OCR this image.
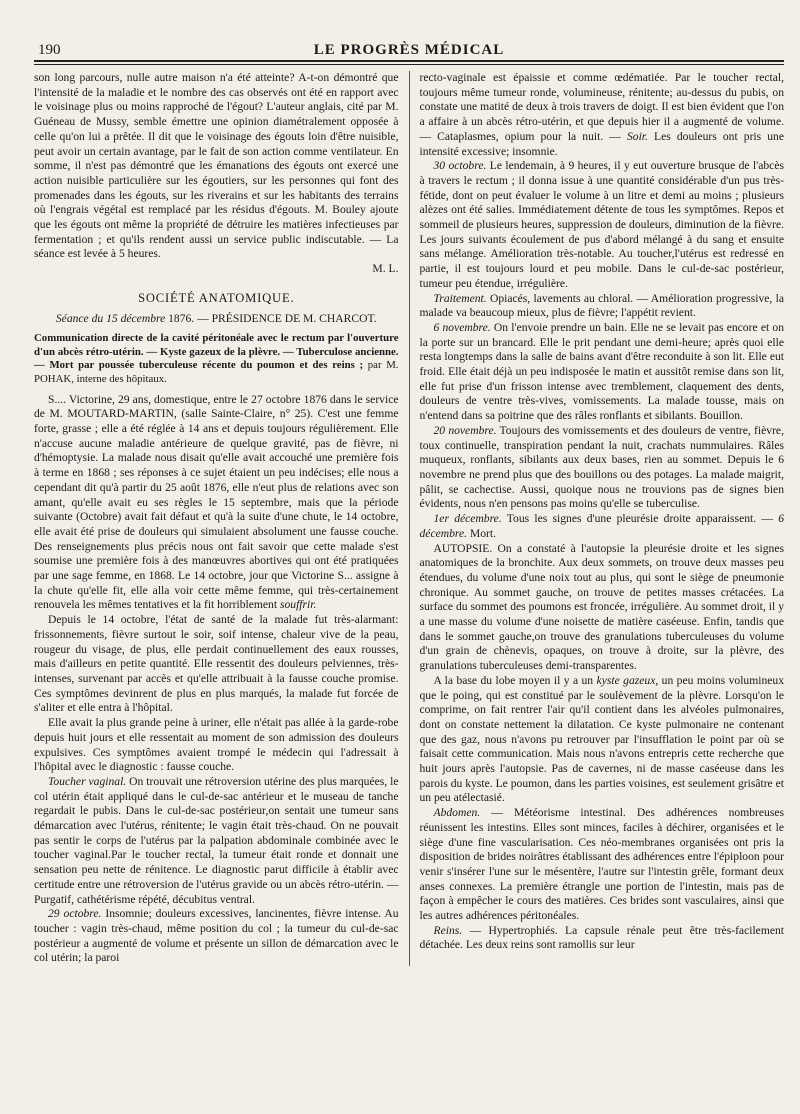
190	LE PROGRÈS MÉDICAL

son long parcours, nulle autre maison n'a été atteinte? A-t-on démontré que l'intensité de la maladie et le nombre des cas observés ont été en rapport avec le voisinage plus ou moins rapproché de l'égout? L'auteur anglais, cité par M. Guéneau de Mussy, semble émettre une opinion diamétralement opposée à celle qu'on lui a prêtée. Il dit que le voisinage des égouts loin d'être nuisible, peut avoir un certain avantage, par le fait de son action comme ventilateur. En somme, il n'est pas démontré que les émanations des égouts ont exercé une action nuisible particulière sur les égoutiers, sur les personnes qui font des promenades dans les égouts, sur les riverains et sur les habitants des terrains où l'engrais végétal est remplacé par les résidus d'égouts. M. Bouley ajoute que les égouts ont même la propriété de détruire les matières infectieuses par fermentation ; et qu'ils rendent aussi un service public indiscutable. — La séance est levée à 5 heures.

M. L.
SOCIÉTÉ ANATOMIQUE.
Séance du 15 décembre 1876. — PRÉSIDENCE DE M. CHARCOT.
Communication directe de la cavité péritonéale avec le rectum par l'ouverture d'un abcès rétro-utérin. — Kyste gazeux de la plèvre. — Tuberculose ancienne. — Mort par poussée tuberculeuse récente du poumon et des reins ; par M. POHAK, interne des hôpitaux.

S.... Victorine, 29 ans, domestique, entre le 27 octobre 1876 dans le service de M. MOUTARD-MARTIN, (salle Sainte-Claire, n° 25). C'est une femme forte, grasse ; elle a été réglée à 14 ans et depuis toujours régulièrement. Elle n'accuse aucune maladie antérieure de quelque gravité, pas de fièvre, ni d'hémoptysie. La malade nous disait qu'elle avait accouché une première fois à terme en 1868 ; ses réponses à ce sujet étaient un peu indécises; elle nous a cependant dit qu'à partir du 25 août 1876, elle n'eut plus de relations avec son amant, qu'elle avait eu ses règles le 15 septembre, mais que la période suivante (Octobre) avait fait défaut et qu'à la suite d'une chute, le 14 octobre, elle avait été prise de douleurs qui simulaient absolument une fausse couche. Des renseignements plus précis nous ont fait savoir que cette malade s'est soumise une première fois à des manœuvres abortives qui ont été pratiquées par une sage femme, en 1868. Le 14 octobre, jour que Victorine S... assigne à la chute qu'elle fit, elle alla voir cette même femme, qui très-certainement renouvela les mêmes tentatives et la fit horriblement souffrir.

Depuis le 14 octobre, l'état de santé de la malade fut très-alarmant: frissonnements, fièvre surtout le soir, soif intense, chaleur vive de la peau, rougeur du visage, de plus, elle perdait continuellement des eaux rousses, mais d'ailleurs en petite quantité. Elle ressentit des douleurs pelviennes, très-intenses, survenant par accès et qu'elle attribuait à la fausse couche promise. Ces symptômes devinrent de plus en plus marqués, la malade fut forcée de s'aliter et elle entra à l'hôpital.

Elle avait la plus grande peine à uriner, elle n'était pas allée à la garde-robe depuis huit jours et elle ressentait au moment de son admission des douleurs expulsives. Ces symptômes avaient trompé le médecin qui l'adressait à l'hôpital avec le diagnostic : fausse couche.

Toucher vaginal. On trouvait une rétroversion utérine des plus marquées, le col utérin était appliqué dans le cul-de-sac antérieur et le museau de tanche regardait le pubis. Dans le cul-de-sac postérieur,on sentait une tumeur sans démarcation avec l'utérus, rénitente; le vagin était très-chaud. On ne pouvait pas sentir le corps de l'utérus par la palpation abdominale combinée avec le toucher vaginal.Par le toucher rectal, la tumeur était ronde et donnait une sensation peu nette de rénitence. Le diagnostic parut difficile à établir avec certitude entre une rétroversion de l'utérus gravide ou un abcès rétro-utérin. — Purgatif, cathétérisme répété, décubitus ventral.

29 octobre. Insomnie; douleurs excessives, lancinentes, fièvre intense. Au toucher : vagin très-chaud, même position du col ; la tumeur du cul-de-sac postérieur a augmenté de volume et présente un sillon de démarcation avec le col utérin; la paroi

recto-vaginale est épaissie et comme œdématiée. Par le toucher rectal, toujours même tumeur ronde, volumineuse, rénitente; au-dessus du pubis, on constate une matité de deux à trois travers de doigt. Il est bien évident que l'on a affaire à un abcès rétro-utérin, et que depuis hier il a augmenté de volume. — Cataplasmes, opium pour la nuit. — Soir. Les douleurs ont pris une intensité excessive; insomnie.

30 octobre. Le lendemain, à 9 heures, il y eut ouverture brusque de l'abcès à travers le rectum ; il donna issue à une quantité considérable d'un pus très-fétide, dont on peut évaluer le volume à un litre et demi au moins ; plusieurs alèzes ont été salies. Immédiatement détente de tous les symptômes. Repos et sommeil de plusieurs heures, suppression de douleurs, diminution de la fièvre. Les jours suivants écoulement de pus d'abord mélangé à du sang et ensuite sans mélange. Amélioration très-notable. Au toucher,l'utérus est redressé en partie, il est toujours lourd et peu mobile. Dans le cul-de-sac postérieur, tumeur peu étendue, irrégulière.

Traitement. Opiacés, lavements au chloral. — Amélioration progressive, la malade va beaucoup mieux, plus de fièvre; l'appétit revient.

6 novembre. On l'envoie prendre un bain. Elle ne se levait pas encore et on la porte sur un brancard. Elle le prit pendant une demi-heure; après quoi elle resta longtemps dans la salle de bains avant d'être reconduite à son lit. Elle eut froid. Elle était déjà un peu indisposée le matin et aussitôt remise dans son lit, elle fut prise d'un frisson intense avec tremblement, claquement des dents, douleurs de ventre très-vives, vomissements. La malade tousse, mais on n'entend dans sa poitrine que des râles ronflants et sibilants. Bouillon.

20 novembre. Toujours des vomissements et des douleurs de ventre, fièvre, toux continuelle, transpiration pendant la nuit, crachats nummulaires. Râles muqueux, ronflants, sibilants aux deux bases, rien au sommet. Depuis le 6 novembre ne prend plus que des bouillons ou des potages. La malade maigrit, pâlit, se cachectise. Aussi, quoique nous ne trouvions pas de signes bien évidents, nous n'en pensons pas moins qu'elle se tuberculise.

1er décembre. Tous les signes d'une pleurésie droite apparaissent. — 6 décembre. Mort.

AUTOPSIE. On a constaté à l'autopsie la pleurésie droite et les signes anatomiques de la bronchite. Aux deux sommets, on trouve deux masses peu étendues, du volume d'une noix tout au plus, qui sont le siège de pneumonie chronique. Au sommet gauche, on trouve de petites masses crétacées. La surface du sommet des poumons est froncée, irrégulière. Au sommet droit, il y a une masse du volume d'une noisette de matière caséeuse. Enfin, tandis que dans le sommet gauche,on trouve des granulations tuberculeuses du volume d'un grain de chènevis, opaques, on trouve à droite, sur la plèvre, des granulations tuberculeuses demi-transparentes.

A la base du lobe moyen il y a un kyste gazeux, un peu moins volumineux que le poing, qui est constitué par le soulèvement de la plèvre. Lorsqu'on le comprime, on fait rentrer l'air qu'il contient dans les alvéoles pulmonaires, dont on constate nettement la dilatation. Ce kyste pulmonaire ne contenant que des gaz, nous n'avons pu retrouver par l'insufflation le point par où se faisait cette communication. Mais nous n'avons entrepris cette recherche que huit jours après l'autopsie. Pas de cavernes, ni de masse caséeuse dans les parois du kyste. Le poumon, dans les parties voisines, est seulement grisâtre et un peu atélectasié.

Abdomen. — Météorisme intestinal. Des adhérences nombreuses réunissent les intestins. Elles sont minces, faciles à déchirer, organisées et le siège d'une fine vascularisation. Ces néo-membranes organisées ont pris la disposition de brides noirâtres établissant des adhérences entre l'épiploon pour venir s'insérer l'une sur le mésentère, l'autre sur l'intestin grêle, formant deux anses connexes. La première étrangle une portion de l'intestin, mais pas de façon à empêcher le cours des matières. Ces brides sont vasculaires, ainsi que les autres adhérences péritonéales.

Reins. — Hypertrophiés. La capsule rénale peut être très-facilement détachée. Les deux reins sont ramollis sur leur
